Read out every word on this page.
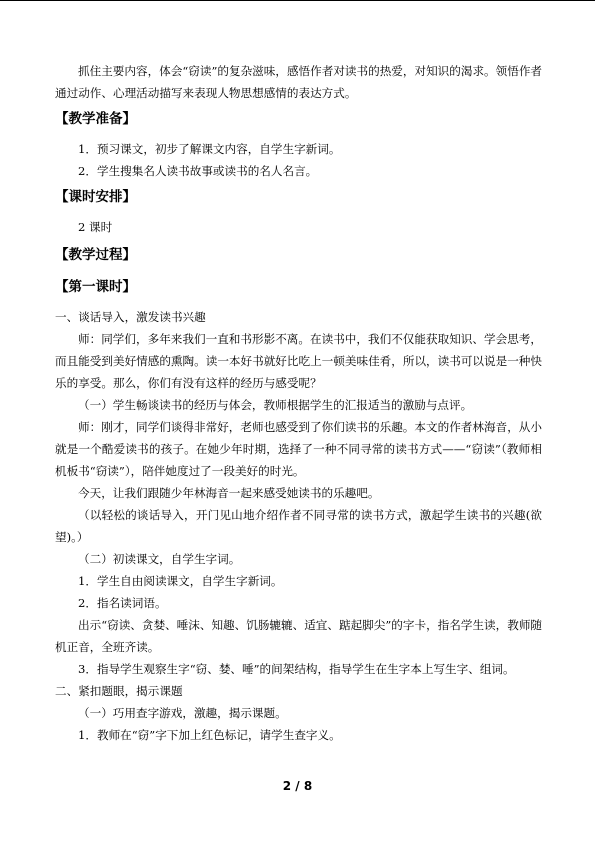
抓住主要内容，体会“窃读”的复杂滋味，感悟作者对读书的热爱，对知识的渴求。领悟作者通过动作、心理活动描写来表现人物思想感情的表达方式。

【教学准备】

1．预习课文，初步了解课文内容，自学生字新词。

2．学生搜集名人读书故事或读书的名人名言。

【课时安排】

2 课时

【教学过程】
【第一课时】

一、谈话导入，激发读书兴趣

师：同学们，多年来我们一直和书形影不离。在读书中，我们不仅能获取知识、学会思考，而且能受到美好情感的熏陶。读一本好书就好比吃上一顿美味佳肴，所以，读书可以说是一种快乐的享受。那么，你们有没有这样的经历与感受呢？

（一）学生畅谈读书的经历与体会，教师根据学生的汇报适当的激励与点评。

师：刚才，同学们谈得非常好，老师也感受到了你们读书的乐趣。本文的作者林海音，从小就是一个酷爱读书的孩子。在她少年时期，选择了一种不同寻常的读书方式——“窃读”（教师相机板书“窃读”），陪伴她度过了一段美好的时光。

今天，让我们跟随少年林海音一起来感受她读书的乐趣吧。

（以轻松的谈话导入，开门见山地介绍作者不同寻常的读书方式，激起学生读书的兴趣(欲望)。）

（二）初读课文，自学生字词。

1．学生自由阅读课文，自学生字新词。

2．指名读词语。

出示“窃读、贪婪、唾沫、知趣、饥肠辘辘、适宜、踮起脚尖”的字卡，指名学生读，教师随机正音，全班齐读。

3．指导学生观察生字“窃、婪、唾”的间架结构，指导学生在生字本上写生字、组词。

二、紧扣题眼，揭示课题

（一）巧用查字游戏，激趣，揭示课题。

1．教师在“窃”字下加上红色标记，请学生查字义。

2 / 8
